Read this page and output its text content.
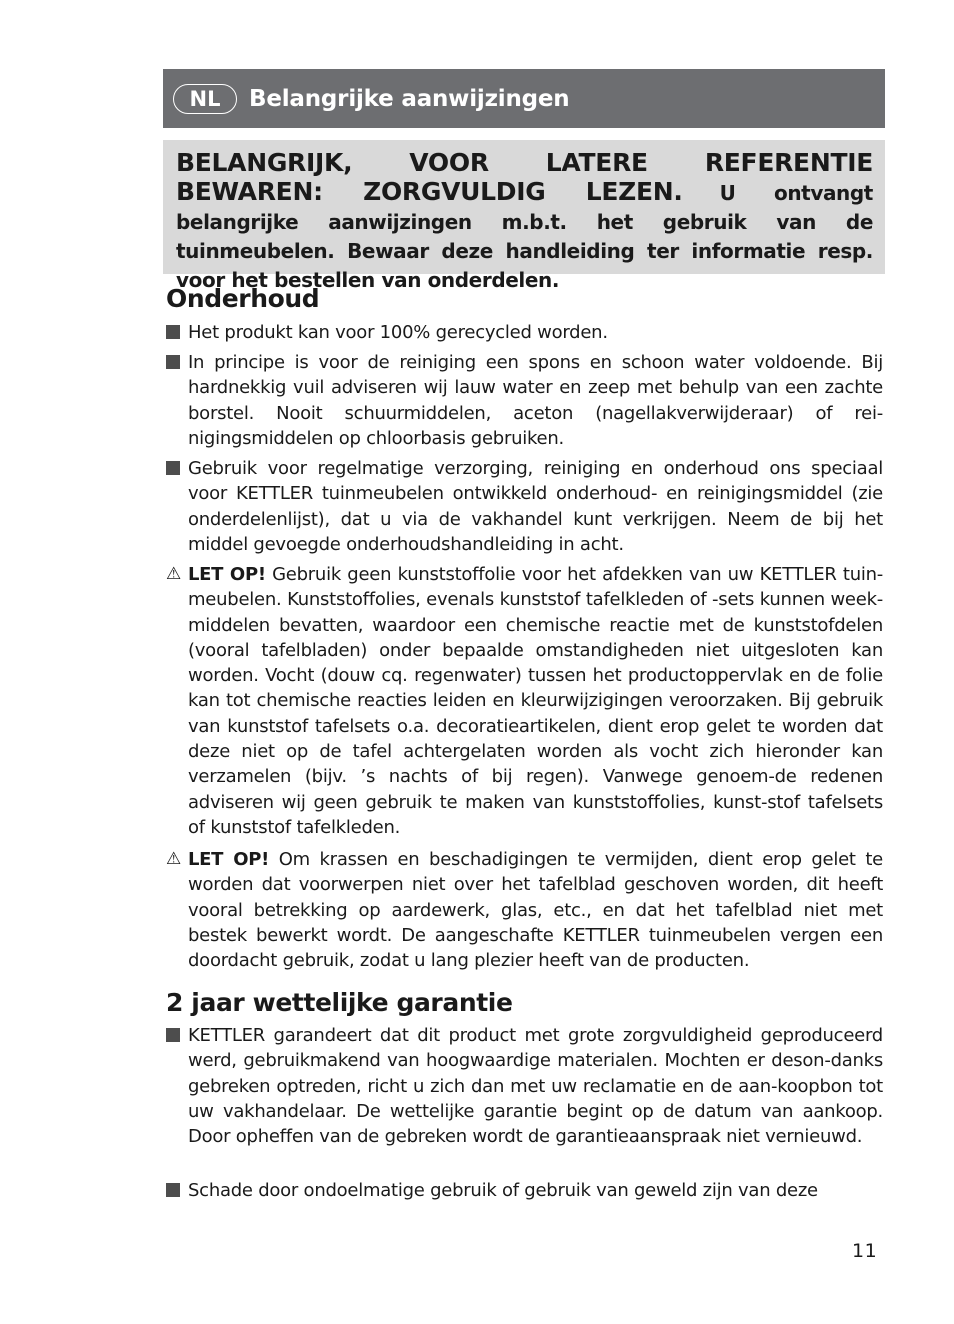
NL	Belangrijke aanwijzingen

BELANGRIJK, VOOR LATERE REFERENTIE BEWAREN: ZORGVULDIG LEZEN. U ontvangt belangrijke aanwijzingen m.b.t. het gebruik van de tuinmeubelen. Bewaar deze handleiding ter informatie resp. voor het bestellen van onderdelen.

Onderhoud

Het produkt kan voor 100% gerecycled worden.

In principe is voor de reiniging een spons en schoon water voldoende. Bij hardnekkig vuil adviseren wij lauw water en zeep met behulp van een zachte borstel. Nooit schuurmiddelen, aceton (nagellakverwijderaar) of rei-nigingsmiddelen op chloorbasis gebruiken.

Gebruik voor regelmatige verzorging, reiniging en onderhoud ons speciaal voor KETTLER tuinmeubelen ontwikkeld onderhoud- en reinigingsmiddel (zie onderdelenlijst), dat u via de vakhandel kunt verkrijgen. Neem de bij het middel gevoegde onderhoudshandleiding in acht.

⚠ LET OP! Gebruik geen kunststoffolie voor het afdekken van uw KETTLER tuin-meubelen. Kunststoffolies, evenals kunststof tafelkleden of -sets kunnen week-middelen bevatten, waardoor een chemische reactie met de kunststofdelen (vooral tafelbladen) onder bepaalde omstandigheden niet uitgesloten kan worden. Vocht (douw cq. regenwater) tussen het productoppervlak en de folie kan tot chemische reacties leiden en kleurwijzigingen veroorzaken. Bij gebruik van kunststof tafelsets o.a. decoratieartikelen, dient erop gelet te worden dat deze niet op de tafel achtergelaten worden als vocht zich hieronder kan verzamelen (bijv. ’s nachts of bij regen). Vanwege genoem-de redenen adviseren wij geen gebruik te maken van kunststoffolies, kunst-stof tafelsets of kunststof tafelkleden.

⚠ LET OP! Om krassen en beschadigingen te vermijden, dient erop gelet te worden dat voorwerpen niet over het tafelblad geschoven worden, dit heeft vooral betrekking op aardewerk, glas, etc., en dat het tafelblad niet met bestek bewerkt wordt. De aangeschafte KETTLER tuinmeubelen vergen een doordacht gebruik, zodat u lang plezier heeft van de producten.

2 jaar wettelijke garantie

KETTLER garandeert dat dit product met grote zorgvuldigheid geproduceerd werd, gebruikmakend van hoogwaardige materialen. Mochten er deson-danks gebreken optreden, richt u zich dan met uw reclamatie en de aan-koopbon tot uw vakhandelaar. De wettelijke garantie begint op de datum van aankoop. Door opheffen van de gebreken wordt de garantieaanspraak niet vernieuwd.

Schade door ondoelmatige gebruik of gebruik van geweld zijn van deze

11
